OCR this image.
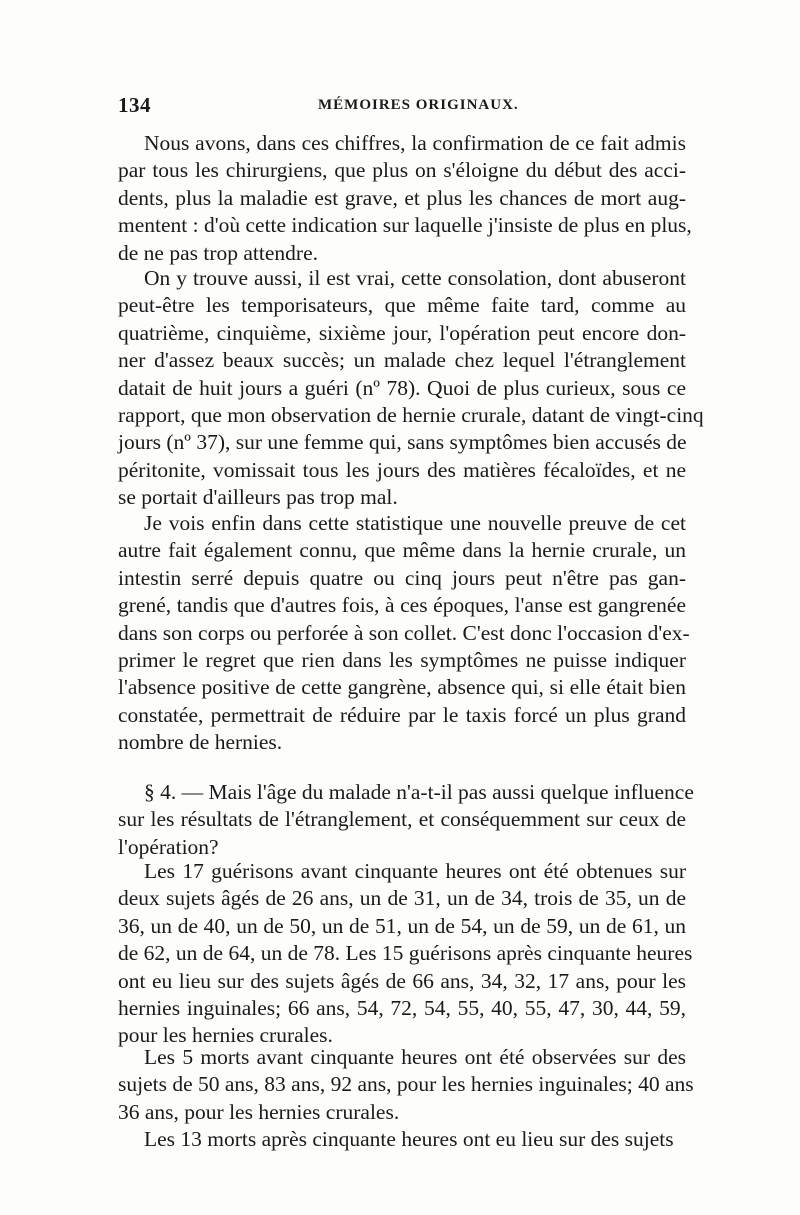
134	MÉMOIRES ORIGINAUX.
Nous avons, dans ces chiffres, la confirmation de ce fait admis
par tous les chirurgiens, que plus on s'éloigne du début des acci-
dents, plus la maladie est grave, et plus les chances de mort aug-
mentent : d'où cette indication sur laquelle j'insiste de plus en plus,
de ne pas trop attendre.
On y trouve aussi, il est vrai, cette consolation, dont abuseront
peut-être les temporisateurs, que même faite tard, comme au
quatrième, cinquième, sixième jour, l'opération peut encore don-
ner d'assez beaux succès; un malade chez lequel l'étranglement
datait de huit jours a guéri (nº 78). Quoi de plus curieux, sous ce
rapport, que mon observation de hernie crurale, datant de vingt-cinq
jours (nº 37), sur une femme qui, sans symptômes bien accusés de
péritonite, vomissait tous les jours des matières fécaloïdes, et ne
se portait d'ailleurs pas trop mal.
Je vois enfin dans cette statistique une nouvelle preuve de cet
autre fait également connu, que même dans la hernie crurale, un
intestin serré depuis quatre ou cinq jours peut n'être pas gan-
grené, tandis que d'autres fois, à ces époques, l'anse est gangrenée
dans son corps ou perforée à son collet. C'est donc l'occasion d'ex-
primer le regret que rien dans les symptômes ne puisse indiquer
l'absence positive de cette gangrène, absence qui, si elle était bien
constatée, permettrait de réduire par le taxis forcé un plus grand
nombre de hernies.
§ 4. — Mais l'âge du malade n'a-t-il pas aussi quelque influence
sur les résultats de l'étranglement, et conséquemment sur ceux de
l'opération?
Les 17 guérisons avant cinquante heures ont été obtenues sur
deux sujets âgés de 26 ans, un de 31, un de 34, trois de 35, un de
36, un de 40, un de 50, un de 51, un de 54, un de 59, un de 61, un
de 62, un de 64, un de 78. Les 15 guérisons après cinquante heures
ont eu lieu sur des sujets âgés de 66 ans, 34, 32, 17 ans, pour les
hernies inguinales; 66 ans, 54, 72, 54, 55, 40, 55, 47, 30, 44, 59,
pour les hernies crurales.
Les 5 morts avant cinquante heures ont été observées sur des
sujets de 50 ans, 83 ans, 92 ans, pour les hernies inguinales; 40 ans
36 ans, pour les hernies crurales.
Les 13 morts après cinquante heures ont eu lieu sur des sujets
